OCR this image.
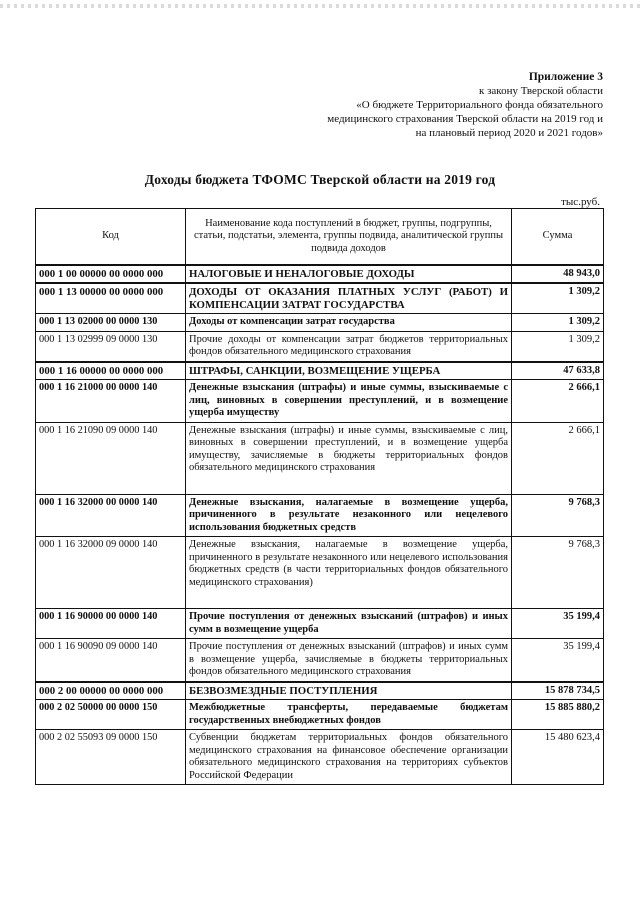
Приложение 3
к закону Тверской области
«О бюджете Территориального фонда обязательного
медицинского страхования Тверской области на 2019 год и
на плановый период 2020 и 2021 годов»
Доходы бюджета ТФОМС Тверской области на 2019 год
тыс.руб.
Код	Наименование кода поступлений в бюджет, группы, подгруппы, статьи, подстатьи, элемента, группы подвида, аналитической группы подвида доходов	Сумма
000 1 00 00000 00 0000 000	НАЛОГОВЫЕ И НЕНАЛОГОВЫЕ ДОХОДЫ	48 943,0
000 1 13 00000 00 0000 000	ДОХОДЫ ОТ ОКАЗАНИЯ ПЛАТНЫХ УСЛУГ (РАБОТ) И КОМПЕНСАЦИИ ЗАТРАТ ГОСУДАРСТВА	1 309,2
000 1 13 02000 00 0000 130	Доходы от компенсации затрат государства	1 309,2
000 1 13 02999 09 0000 130	Прочие доходы от компенсации затрат бюджетов территориальных фондов обязательного медицинского страхования	1 309,2
000 1 16 00000 00 0000 000	ШТРАФЫ, САНКЦИИ, ВОЗМЕЩЕНИЕ УЩЕРБА	47 633,8
000 1 16 21000 00 0000 140	Денежные взыскания (штрафы) и иные суммы, взыскиваемые с лиц, виновных в совершении преступлений, и в возмещение ущерба имуществу	2 666,1
000 1 16 21090 09 0000 140	Денежные взыскания (штрафы) и иные суммы, взыскиваемые с лиц, виновных в совершении преступлений, и в возмещение ущерба имуществу, зачисляемые в бюджеты территориальных фондов обязательного медицинского страхования	2 666,1
000 1 16 32000 00 0000 140	Денежные взыскания, налагаемые в возмещение ущерба, причиненного в результате незаконного или нецелевого использования бюджетных средств	9 768,3
000 1 16 32000 09 0000 140	Денежные взыскания, налагаемые в возмещение ущерба, причиненного в результате незаконного или нецелевого использования бюджетных средств (в части территориальных фондов обязательного медицинского страхования)	9 768,3
000 1 16 90000 00 0000 140	Прочие поступления от денежных взысканий (штрафов) и иных сумм в возмещение ущерба	35 199,4
000 1 16 90090 09 0000 140	Прочие поступления от денежных взысканий (штрафов) и иных сумм в возмещение ущерба, зачисляемые в бюджеты территориальных фондов обязательного медицинского страхования	35 199,4
000 2 00 00000 00 0000 000	БЕЗВОЗМЕЗДНЫЕ ПОСТУПЛЕНИЯ	15 878 734,5
000 2 02 50000 00 0000 150	Межбюджетные трансферты, передаваемые бюджетам государственных внебюджетных фондов	15 885 880,2
000 2 02 55093 09 0000 150	Субвенции бюджетам территориальных фондов обязательного медицинского страхования на финансовое обеспечение организации обязательного медицинского страхования на территориях субъектов Российской Федерации	15 480 623,4
